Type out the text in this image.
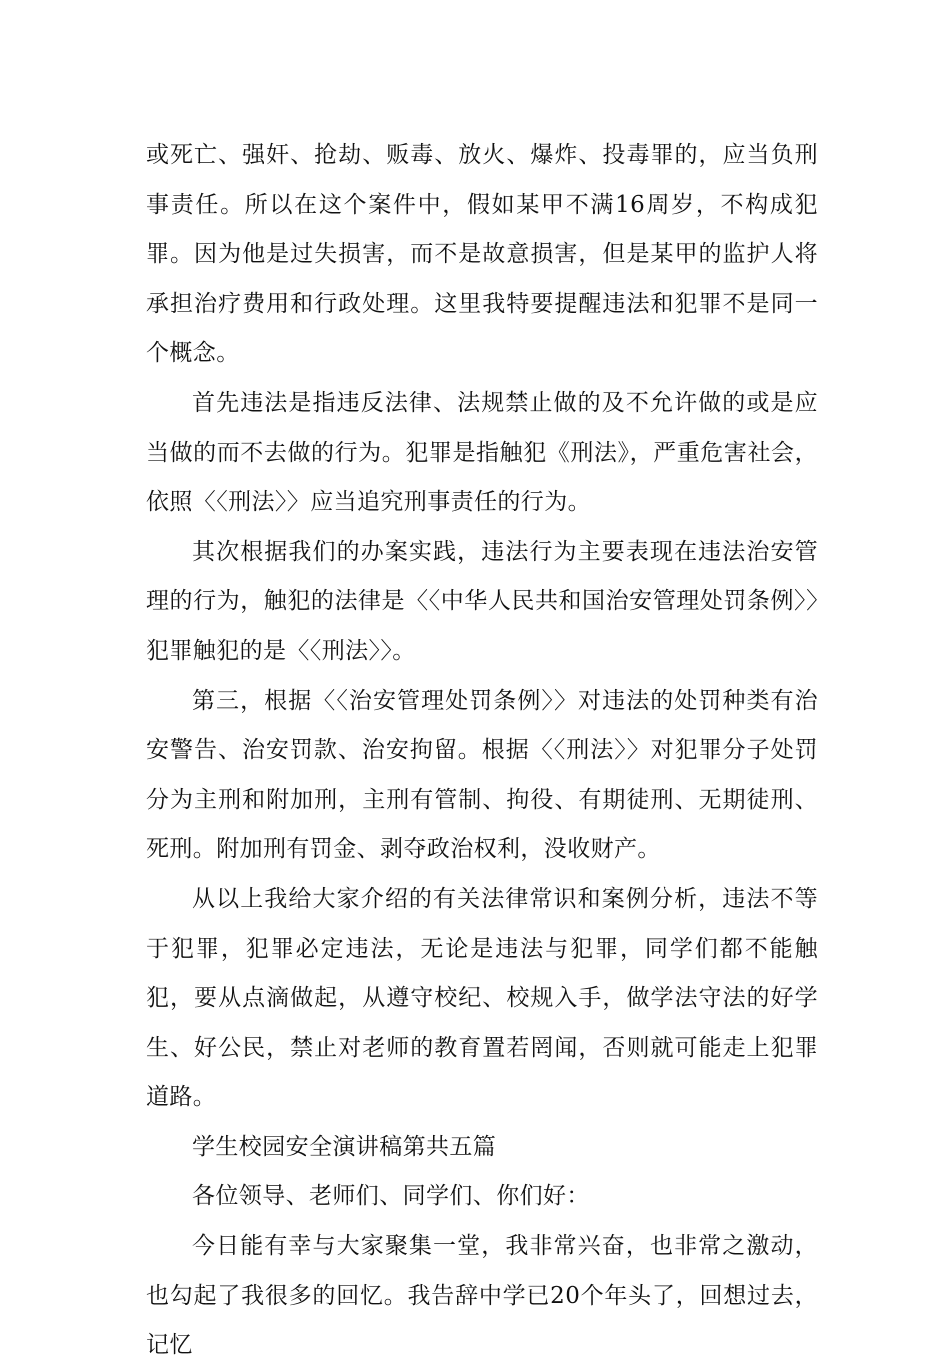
或死亡、强奸、抢劫、贩毒、放火、爆炸、投毒罪的，应当负刑事责任。所以在这个案件中，假如某甲不满16周岁，不构成犯罪。因为他是过失损害，而不是故意损害，但是某甲的监护人将承担治疗费用和行政处理。这里我特要提醒违法和犯罪不是同一个概念。

首先违法是指违反法律、法规禁止做的及不允许做的或是应当做的而不去做的行为。犯罪是指触犯《刑法》，严重危害社会，依照〈〈刑法〉〉应当追究刑事责任的行为。

其次根据我们的办案实践，违法行为主要表现在违法治安管理的行为，触犯的法律是〈〈中华人民共和国治安管理处罚条例〉〉犯罪触犯的是〈〈刑法〉〉。

第三，根据〈〈治安管理处罚条例〉〉对违法的处罚种类有治安警告、治安罚款、治安拘留。根据〈〈刑法〉〉对犯罪分子处罚分为主刑和附加刑，主刑有管制、拘役、有期徒刑、无期徒刑、死刑。附加刑有罚金、剥夺政治权利，没收财产。

从以上我给大家介绍的有关法律常识和案例分析，违法不等于犯罪，犯罪必定违法，无论是违法与犯罪，同学们都不能触犯，要从点滴做起，从遵守校纪、校规入手，做学法守法的好学生、好公民，禁止对老师的教育置若罔闻，否则就可能走上犯罪道路。

学生校园安全演讲稿第共五篇

各位领导、老师们、同学们、你们好：

今日能有幸与大家聚集一堂，我非常兴奋，也非常之激动，也勾起了我很多的回忆。我告辞中学已20个年头了，回想过去，记忆
